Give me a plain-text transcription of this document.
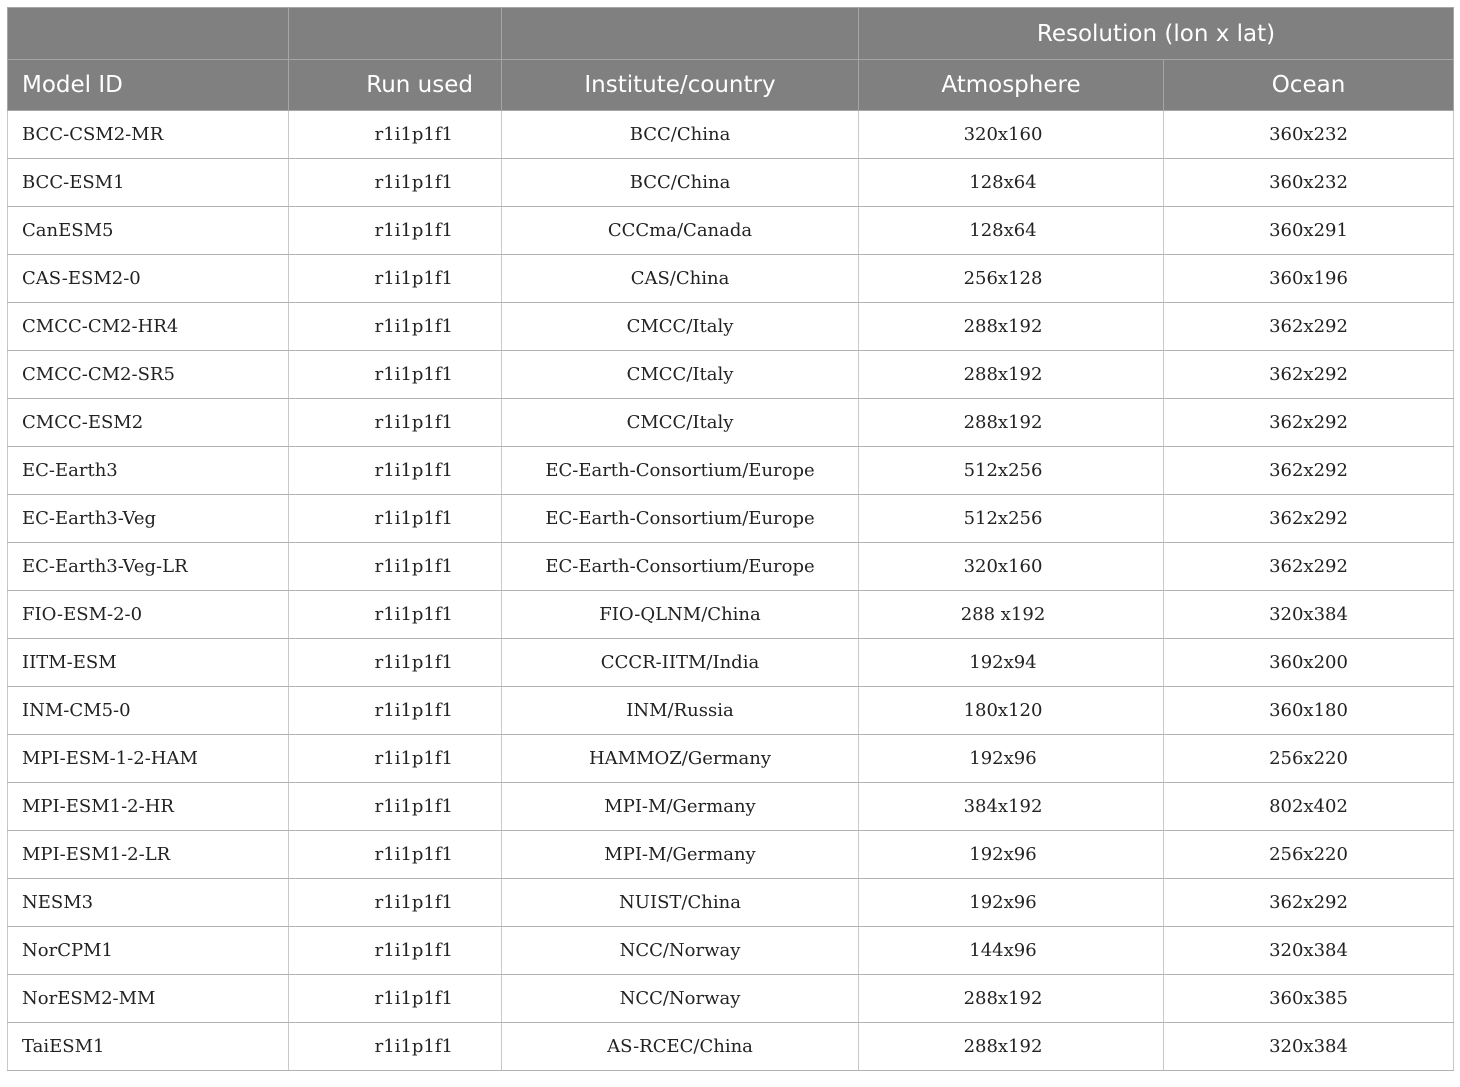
			Resolution (lon x lat)	
Model ID	Run used	Institute/country	Atmosphere	Ocean
BCC-CSM2-MR	r1i1p1f1	BCC/China	320x160	360x232
BCC-ESM1	r1i1p1f1	BCC/China	128x64	360x232
CanESM5	r1i1p1f1	CCCma/Canada	128x64	360x291
CAS-ESM2-0	r1i1p1f1	CAS/China	256x128	360x196
CMCC-CM2-HR4	r1i1p1f1	CMCC/Italy	288x192	362x292
CMCC-CM2-SR5	r1i1p1f1	CMCC/Italy	288x192	362x292
CMCC-ESM2	r1i1p1f1	CMCC/Italy	288x192	362x292
EC-Earth3	r1i1p1f1	EC-Earth-Consortium/Europe	512x256	362x292
EC-Earth3-Veg	r1i1p1f1	EC-Earth-Consortium/Europe	512x256	362x292
EC-Earth3-Veg-LR	r1i1p1f1	EC-Earth-Consortium/Europe	320x160	362x292
FIO-ESM-2-0	r1i1p1f1	FIO-QLNM/China	288 x192	320x384
IITM-ESM	r1i1p1f1	CCCR-IITM/India	192x94	360x200
INM-CM5-0	r1i1p1f1	INM/Russia	180x120	360x180
MPI-ESM-1-2-HAM	r1i1p1f1	HAMMOZ/Germany	192x96	256x220
MPI-ESM1-2-HR	r1i1p1f1	MPI-M/Germany	384x192	802x402
MPI-ESM1-2-LR	r1i1p1f1	MPI-M/Germany	192x96	256x220
NESM3	r1i1p1f1	NUIST/China	192x96	362x292
NorCPM1	r1i1p1f1	NCC/Norway	144x96	320x384
NorESM2-MM	r1i1p1f1	NCC/Norway	288x192	360x385
TaiESM1	r1i1p1f1	AS-RCEC/China	288x192	320x384
